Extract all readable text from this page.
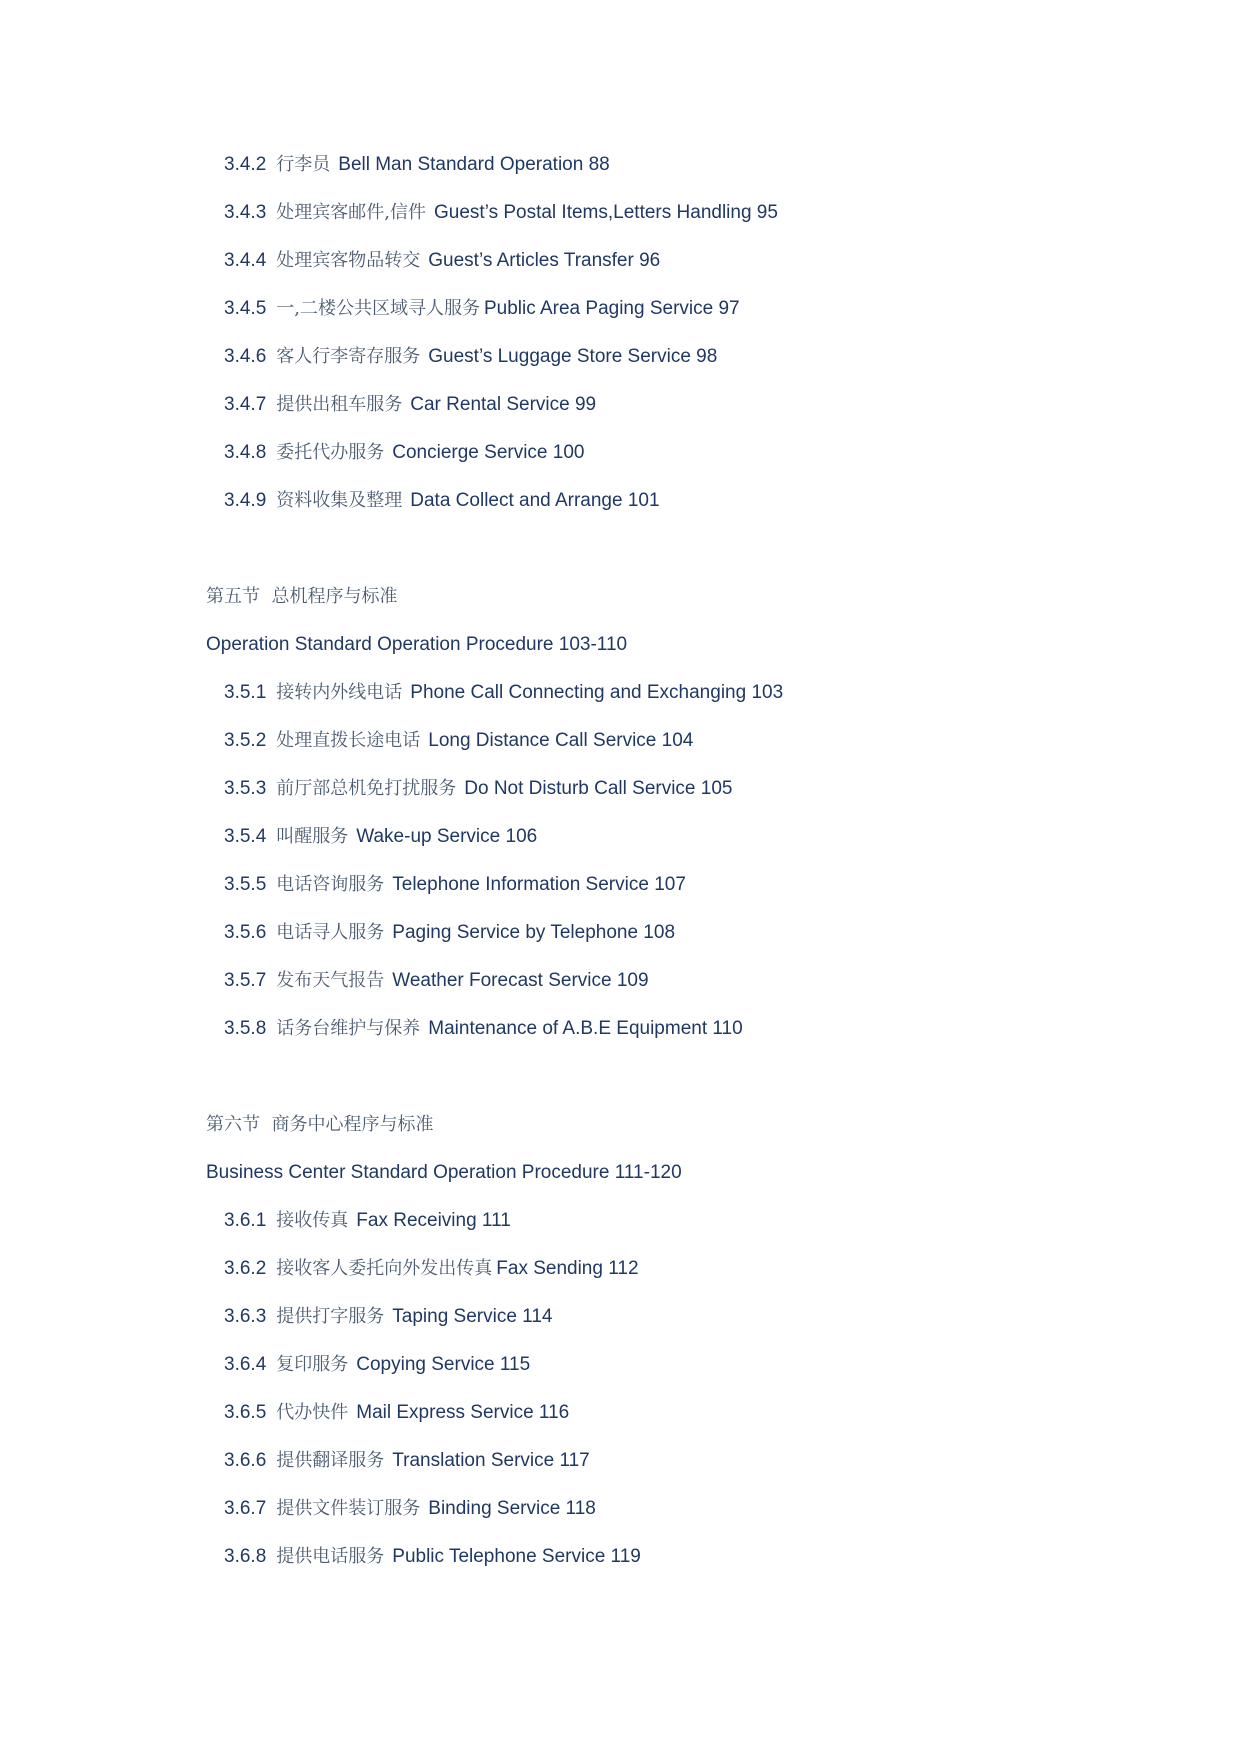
3.4.2 行李员 Bell Man Standard Operation 88
3.4.3 处理宾客邮件,信件 Guest’s Postal Items,Letters Handling 95
3.4.4 处理宾客物品转交 Guest’s Articles Transfer 96
3.4.5 一,二楼公共区域寻人服务 Public Area Paging Service 97
3.4.6 客人行李寄存服务 Guest’s Luggage Store Service 98
3.4.7 提供出租车服务 Car Rental Service 99
3.4.8 委托代办服务 Concierge Service 100
3.4.9 资料收集及整理 Data Collect and Arrange 101
第五节  总机程序与标准
Operation Standard Operation Procedure 103-110
3.5.1 接转内外线电话 Phone Call Connecting and Exchanging 103
3.5.2 处理直拨长途电话 Long Distance Call Service 104
3.5.3 前厅部总机免打扰服务 Do Not Disturb Call Service 105
3.5.4 叫醒服务 Wake-up Service 106
3.5.5 电话咨询服务 Telephone Information Service 107
3.5.6 电话寻人服务 Paging Service by Telephone 108
3.5.7 发布天气报告 Weather Forecast Service 109
3.5.8 话务台维护与保养 Maintenance of A.B.E Equipment 110
第六节  商务中心程序与标准
Business Center Standard Operation Procedure 111-120
3.6.1 接收传真 Fax Receiving 111
3.6.2 接收客人委托向外发出传真 Fax Sending 112
3.6.3 提供打字服务 Taping Service 114
3.6.4 复印服务 Copying Service 115
3.6.5 代办快件 Mail Express Service 116
3.6.6 提供翻译服务 Translation Service 117
3.6.7 提供文件装订服务 Binding Service 118
3.6.8 提供电话服务 Public Telephone Service 119
